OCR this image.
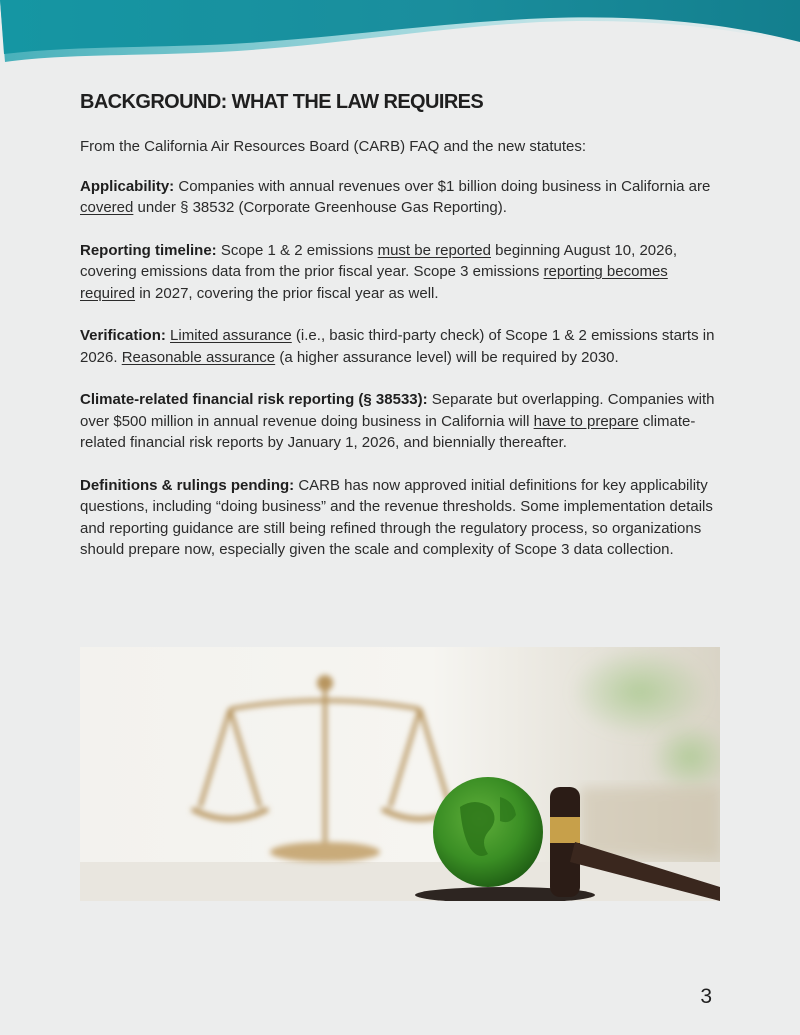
BACKGROUND: WHAT THE LAW REQUIRES

From the California Air Resources Board (CARB) FAQ and the new statutes:

Applicability: Companies with annual revenues over $1 billion doing business in California are covered under § 38532 (Corporate Greenhouse Gas Reporting).

Reporting timeline: Scope 1 & 2 emissions must be reported beginning August 10, 2026, covering emissions data from the prior fiscal year. Scope 3 emissions reporting becomes required in 2027, covering the prior fiscal year as well.

Verification: Limited assurance (i.e., basic third-party check) of Scope 1 & 2 emissions starts in 2026. Reasonable assurance (a higher assurance level) will be required by 2030.

Climate-related financial risk reporting (§ 38533): Separate but overlapping. Companies with over $500 million in annual revenue doing business in California will have to prepare climate-related financial risk reports by January 1, 2026, and biennially thereafter.

Definitions & rulings pending: CARB has now approved initial definitions for key applicability questions, including “doing business” and the revenue thresholds. Some implementation details and reporting guidance are still being refined through the regulatory process, so organizations should prepare now, especially given the scale and complexity of Scope 3 data collection.

3
